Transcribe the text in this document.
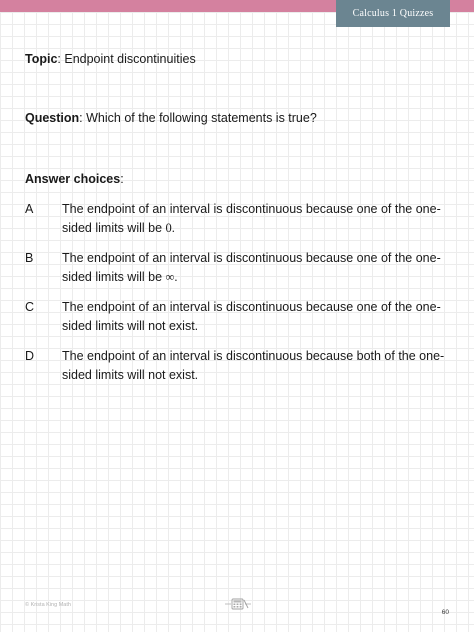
Calculus 1 Quizzes
Topic: Endpoint discontinuities
Question: Which of the following statements is true?
Answer choices:
A	The endpoint of an interval is discontinuous because one of the one-sided limits will be 0.
B	The endpoint of an interval is discontinuous because one of the one-sided limits will be ∞.
C	The endpoint of an interval is discontinuous because one of the one-sided limits will not exist.
D	The endpoint of an interval is discontinuous because both of the one-sided limits will not exist.
© Krista King Math
60
